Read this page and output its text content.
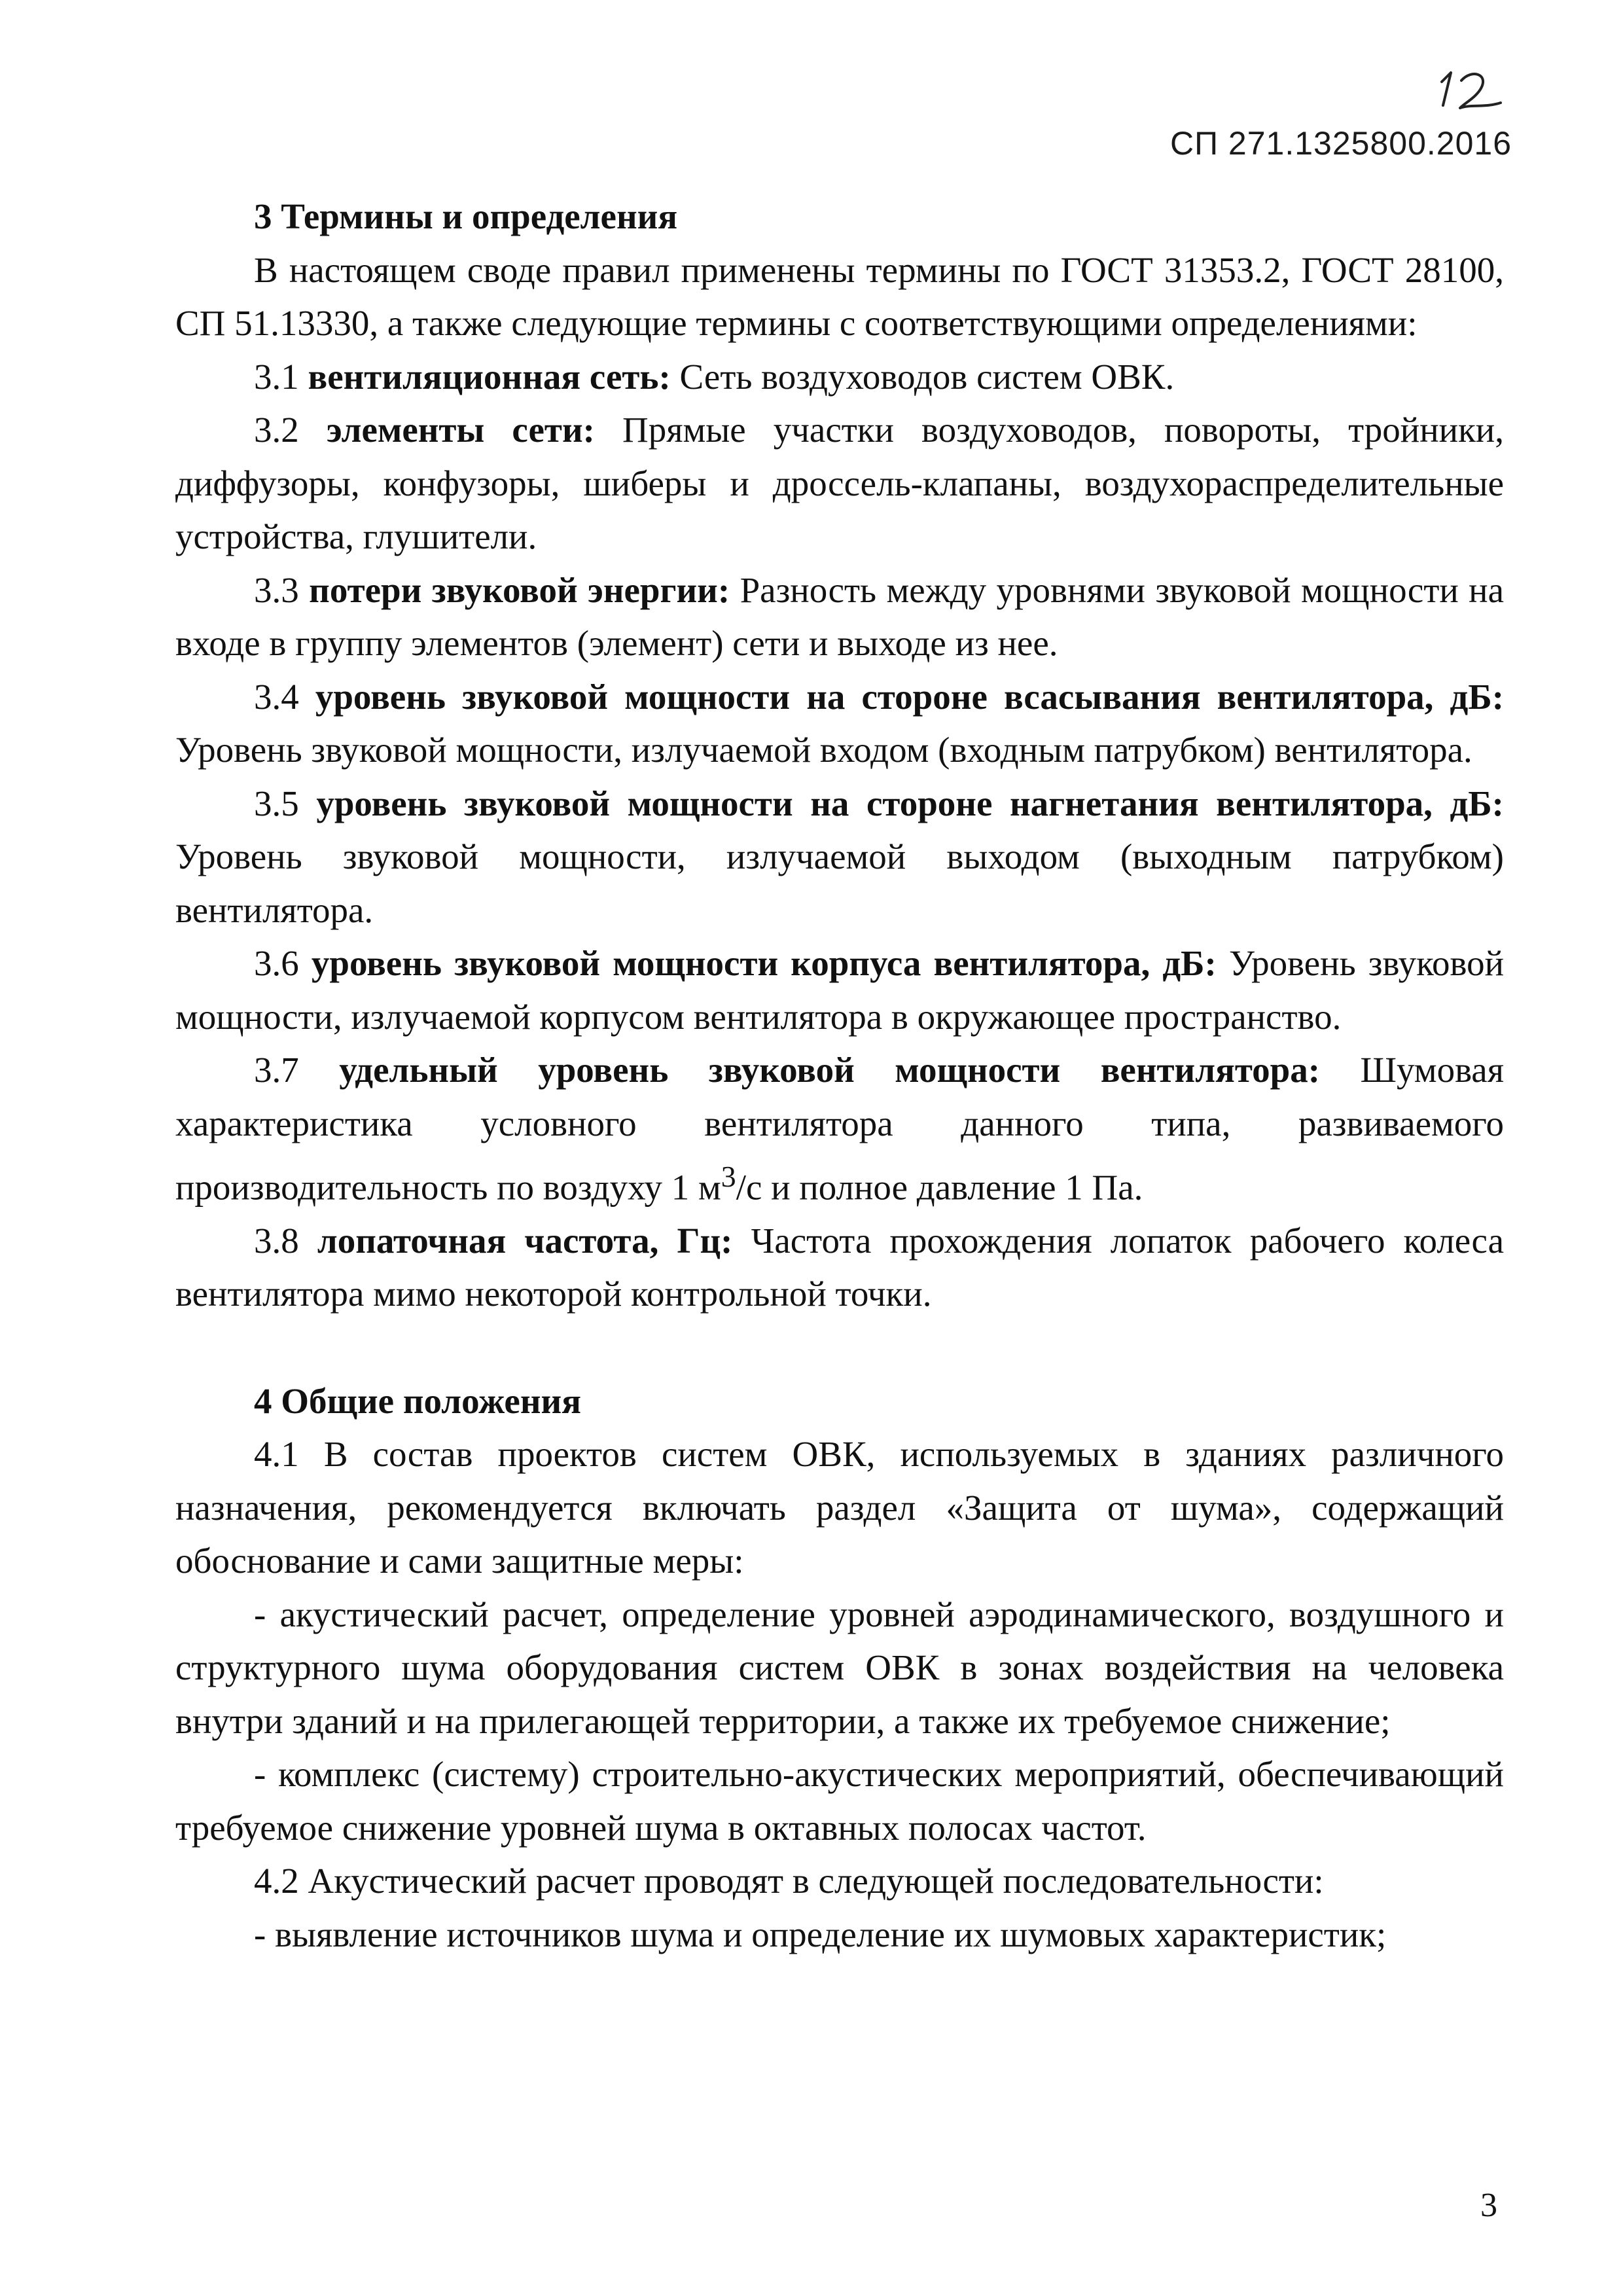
СП 271.1325800.2016

3 Термины и определения

В настоящем своде правил применены термины по ГОСТ 31353.2, ГОСТ 28100, СП 51.13330, а также следующие термины с соответствующими определениями:

3.1 вентиляционная сеть: Сеть воздуховодов систем ОВК.

3.2 элементы сети: Прямые участки воздуховодов, повороты, тройники, диффузоры, конфузоры, шиберы и дроссель-клапаны, воздухораспределительные устройства, глушители.

3.3 потери звуковой энергии: Разность между уровнями звуковой мощности на входе в группу элементов (элемент) сети и выходе из нее.

3.4 уровень звуковой мощности на стороне всасывания вентилятора, дБ: Уровень звуковой мощности, излучаемой входом (входным патрубком) вентилятора.

3.5 уровень звуковой мощности на стороне нагнетания вентилятора, дБ: Уровень звуковой мощности, излучаемой выходом (выходным патрубком) вентилятора.

3.6 уровень звуковой мощности корпуса вентилятора, дБ: Уровень звуковой мощности, излучаемой корпусом вентилятора в окружающее пространство.

3.7 удельный уровень звуковой мощности вентилятора: Шумовая характеристика условного вентилятора данного типа, развиваемого производительность по воздуху 1 $м^3/с$ и полное давление 1 Па.

3.8 лопаточная частота, Гц: Частота прохождения лопаток рабочего колеса вентилятора мимо некоторой контрольной точки.

4 Общие положения

4.1 В состав проектов систем ОВК, используемых в зданиях различного назначения, рекомендуется включать раздел «Защита от шума», содержащий обоснование и сами защитные меры:

- акустический расчет, определение уровней аэродинамического, воздушного и структурного шума оборудования систем ОВК в зонах воздействия на человека внутри зданий и на прилегающей территории, а также их требуемое снижение;

- комплекс (систему) строительно-акустических мероприятий, обеспечивающий требуемое снижение уровней шума в октавных полосах частот.

4.2 Акустический расчет проводят в следующей последовательности:

- выявление источников шума и определение их шумовых характеристик;

3
